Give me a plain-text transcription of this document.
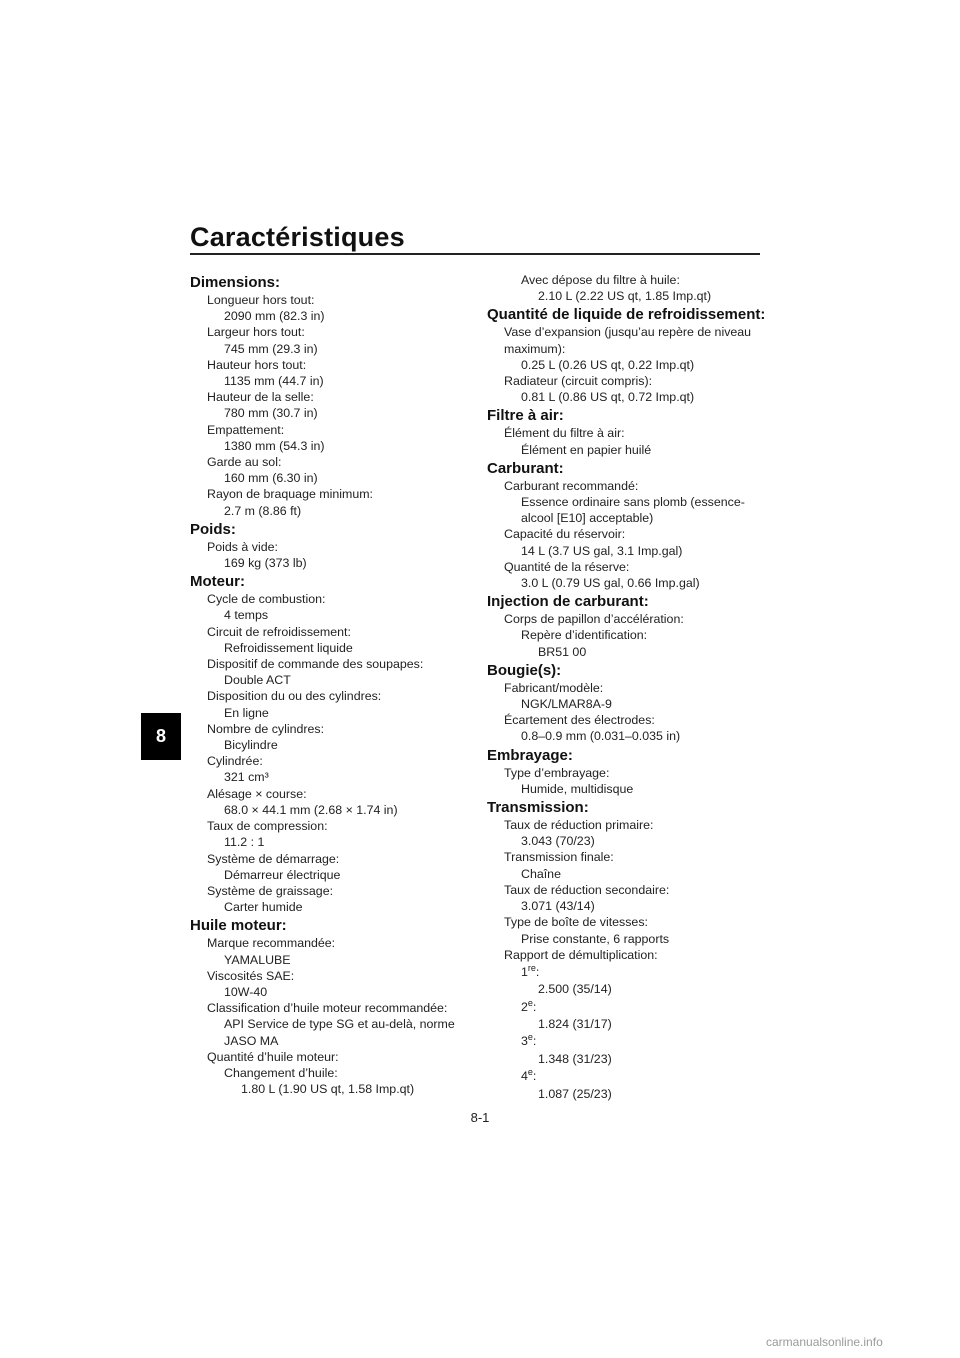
Caractéristiques
8
Dimensions:
Longueur hors tout:
2090 mm (82.3 in)
Largeur hors tout:
745 mm (29.3 in)
Hauteur hors tout:
1135 mm (44.7 in)
Hauteur de la selle:
780 mm (30.7 in)
Empattement:
1380 mm (54.3 in)
Garde au sol:
160 mm (6.30 in)
Rayon de braquage minimum:
2.7 m (8.86 ft)
Poids:
Poids à vide:
169 kg (373 lb)
Moteur:
Cycle de combustion:
4 temps
Circuit de refroidissement:
Refroidissement liquide
Dispositif de commande des soupapes:
Double ACT
Disposition du ou des cylindres:
En ligne
Nombre de cylindres:
Bicylindre
Cylindrée:
321 cm³
Alésage × course:
68.0 × 44.1 mm (2.68 × 1.74 in)
Taux de compression:
11.2 : 1
Système de démarrage:
Démarreur électrique
Système de graissage:
Carter humide
Huile moteur:
Marque recommandée:
YAMALUBE
Viscosités SAE:
10W-40
Classification d’huile moteur recommandée:
API Service de type SG et au-delà, norme
JASO MA
Quantité d’huile moteur:
Changement d’huile:
1.80 L (1.90 US qt, 1.58 Imp.qt)
Avec dépose du filtre à huile:
2.10 L (2.22 US qt, 1.85 Imp.qt)
Quantité de liquide de refroidissement:
Vase d’expansion (jusqu’au repère de niveau
maximum):
0.25 L (0.26 US qt, 0.22 Imp.qt)
Radiateur (circuit compris):
0.81 L (0.86 US qt, 0.72 Imp.qt)
Filtre à air:
Élément du filtre à air:
Élément en papier huilé
Carburant:
Carburant recommandé:
Essence ordinaire sans plomb (essence-
alcool [E10] acceptable)
Capacité du réservoir:
14 L (3.7 US gal, 3.1 Imp.gal)
Quantité de la réserve:
3.0 L (0.79 US gal, 0.66 Imp.gal)
Injection de carburant:
Corps de papillon d’accélération:
Repère d’identification:
BR51 00
Bougie(s):
Fabricant/modèle:
NGK/LMAR8A-9
Écartement des électrodes:
0.8–0.9 mm (0.031–0.035 in)
Embrayage:
Type d’embrayage:
Humide, multidisque
Transmission:
Taux de réduction primaire:
3.043 (70/23)
Transmission finale:
Chaîne
Taux de réduction secondaire:
3.071 (43/14)
Type de boîte de vitesses:
Prise constante, 6 rapports
Rapport de démultiplication:
1re:
2.500 (35/14)
2e:
1.824 (31/17)
3e:
1.348 (31/23)
4e:
1.087 (25/23)
8-1
carmanualsonline.info
